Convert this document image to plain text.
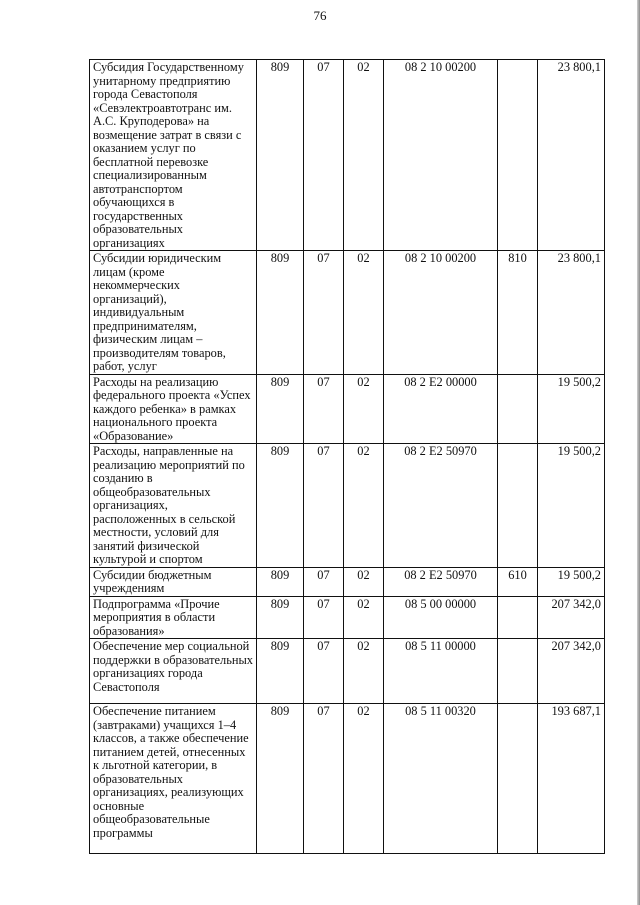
76
Субсидия Государственному унитарному предприятию города Севастополя «Севэлектроавтотранс им. А.С. Круподерова» на возмещение затрат в связи с оказанием услуг по бесплатной перевозке специализированным автотранспортом обучающихся в государственных образовательных организациях	809	07	02	08 2 10 00200		23 800,1
Субсидии юридическим лицам (кроме некоммерческих организаций), индивидуальным предпринимателям, физическим лицам – производителям товаров, работ, услуг	809	07	02	08 2 10 00200	810	23 800,1
Расходы на реализацию федерального проекта «Успех каждого ребенка» в рамках национального проекта «Образование»	809	07	02	08 2 E2 00000		19 500,2
Расходы, направленные на реализацию мероприятий по созданию в общеобразовательных организациях, расположенных в сельской местности, условий для занятий физической культурой и спортом	809	07	02	08 2 E2 50970		19 500,2
Субсидии бюджетным учреждениям	809	07	02	08 2 E2 50970	610	19 500,2
Подпрограмма «Прочие мероприятия в области образования»	809	07	02	08 5 00 00000		207 342,0
Обеспечение мер социальной поддержки в образовательных организациях города Севастополя	809	07	02	08 5 11 00000		207 342,0
Обеспечение питанием (завтраками) учащихся 1–4 классов, а также обеспечение питанием детей, отнесенных к льготной категории, в образовательных организациях, реализующих основные общеобразовательные программы	809	07	02	08 5 11 00320		193 687,1
